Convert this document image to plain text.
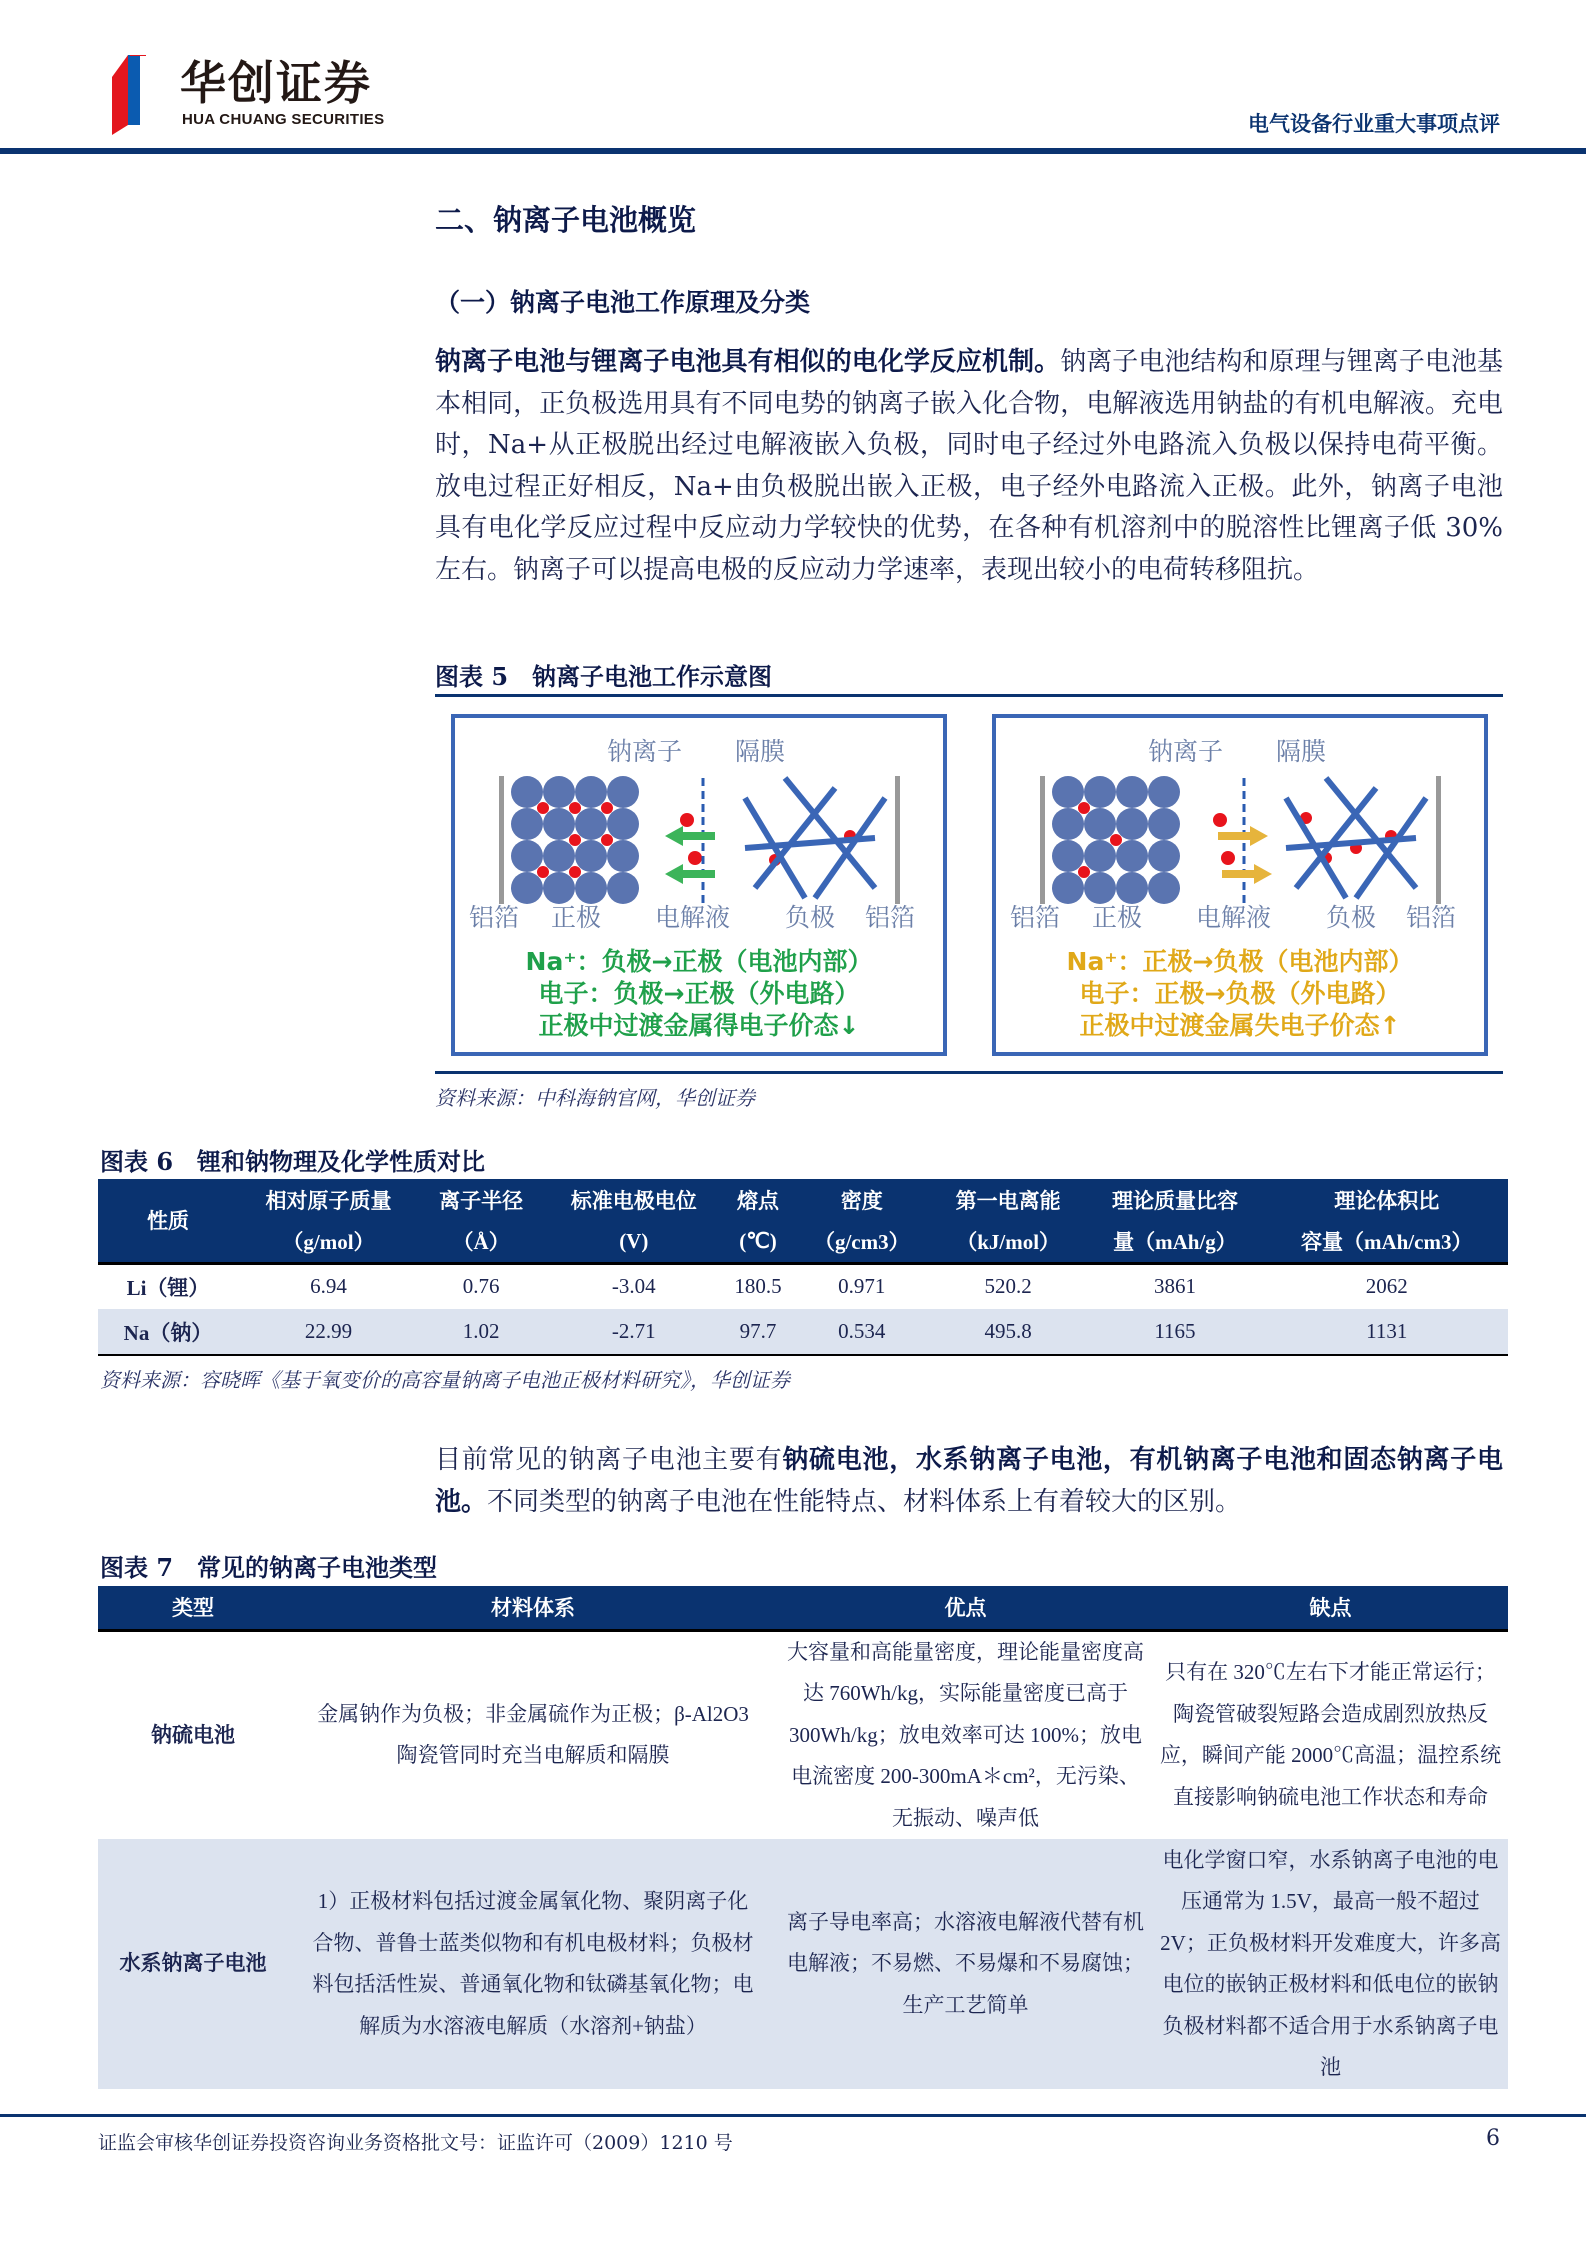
华创证券
HUA CHUANG SECURITIES	电气设备行业重大事项点评
二、钠离子电池概览
（一）钠离子电池工作原理及分类
钠离子电池与锂离子电池具有相似的电化学反应机制。钠离子电池结构和原理与锂离子电池基本相同，正负极选用具有不同电势的钠离子嵌入化合物，电解液选用钠盐的有机电解液。充电时，Na+从正极脱出经过电解液嵌入负极，同时电子经过外电路流入负极以保持电荷平衡。放电过程正好相反，Na+由负极脱出嵌入正极，电子经外电路流入正极。此外，钠离子电池具有电化学反应过程中反应动力学较快的优势，在各种有机溶剂中的脱溶性比锂离子低 30%左右。钠离子可以提高电极的反应动力学速率，表现出较小的电荷转移阻抗。
图表 5　钠离子电池工作示意图
钠离子 隔膜
铝箔 正极 电解液 负极 铝箔
Na⁺：负极→正极（电池内部）
电子：负极→正极（外电路）
正极中过渡金属得电子价态↓
钠离子 隔膜
铝箔 正极 电解液 负极 铝箔
Na⁺：正极→负极（电池内部）
电子：正极→负极（外电路）
正极中过渡金属失电子价态↑
资料来源：中科海钠官网，华创证券
图表 6　锂和钠物理及化学性质对比
性质	相对原子质量	离子半径	标准电极电位	熔点	密度	第一电离能	理论质量比容	理论体积比
	（g/mol）	（Å）	(V)	(℃)	（g/cm3）	（kJ/mol）	量（mAh/g）	容量（mAh/cm3）
Li（锂）	6.94	0.76	-3.04	180.5	0.971	520.2	3861	2062
Na（钠）	22.99	1.02	-2.71	97.7	0.534	495.8	1165	1131
资料来源：容晓晖《基于氧变价的高容量钠离子电池正极材料研究》，华创证券
目前常见的钠离子电池主要有钠硫电池，水系钠离子电池，有机钠离子电池和固态钠离子电池。不同类型的钠离子电池在性能特点、材料体系上有着较大的区别。
图表 7　常见的钠离子电池类型
类型	材料体系	优点	缺点
钠硫电池	金属钠作为负极；非金属硫作为正极；β-Al2O3 陶瓷管同时充当电解质和隔膜	大容量和高能量密度，理论能量密度高达 760Wh/kg，实际能量密度已高于 300Wh/kg；放电效率可达 100%；放电电流密度 200-300mA＊cm²，无污染、无振动、噪声低	只有在 320℃左右下才能正常运行；陶瓷管破裂短路会造成剧烈放热反应，瞬间产能 2000℃高温；温控系统直接影响钠硫电池工作状态和寿命
水系钠离子电池	1）正极材料包括过渡金属氧化物、聚阴离子化合物、普鲁士蓝类似物和有机电极材料；负极材料包括活性炭、普通氧化物和钛磷基氧化物；电解质为水溶液电解质（水溶剂+钠盐）	离子导电率高；水溶液电解液代替有机电解液；不易燃、不易爆和不易腐蚀；生产工艺简单	电化学窗口窄，水系钠离子电池的电压通常为 1.5V，最高一般不超过 2V；正负极材料开发难度大，许多高电位的嵌钠正极材料和低电位的嵌钠负极材料都不适合用于水系钠离子电池
证监会审核华创证券投资咨询业务资格批文号：证监许可（2009）1210 号	6
